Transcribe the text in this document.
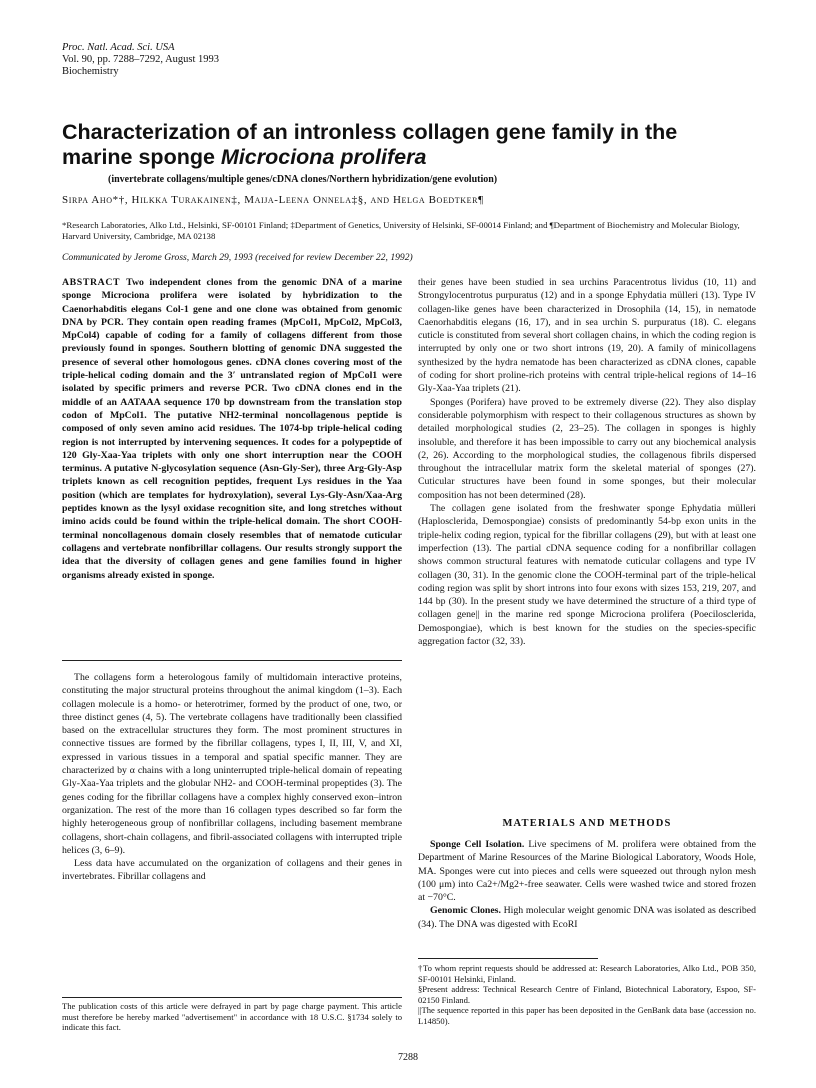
Proc. Natl. Acad. Sci. USA
Vol. 90, pp. 7288–7292, August 1993
Biochemistry
Characterization of an intronless collagen gene family in the
marine sponge Microciona prolifera
(invertebrate collagens/multiple genes/cDNA clones/Northern hybridization/gene evolution)
Sirpa Aho*†, Hilkka Turakainen‡, Maija-Leena Onnela‡§, and Helga Boedtker¶
*Research Laboratories, Alko Ltd., Helsinki, SF-00101 Finland; ‡Department of Genetics, University of Helsinki, SF-00014 Finland; and ¶Department of Biochemistry and Molecular Biology, Harvard University, Cambridge, MA 02138
Communicated by Jerome Gross, March 29, 1993 (received for review December 22, 1992)
ABSTRACT Two independent clones from the genomic DNA of a marine sponge Microciona prolifera were isolated by hybridization to the Caenorhabditis elegans Col-1 gene and one clone was obtained from genomic DNA by PCR. They contain open reading frames (MpCol1, MpCol2, MpCol3, MpCol4) capable of coding for a family of collagens different from those previously found in sponges. Southern blotting of genomic DNA suggested the presence of several other homologous genes. cDNA clones covering most of the triple-helical coding domain and the 3′ untranslated region of MpCol1 were isolated by specific primers and reverse PCR. Two cDNA clones end in the middle of an AATAAA sequence 170 bp downstream from the translation stop codon of MpCol1. The putative NH2-terminal noncollagenous peptide is composed of only seven amino acid residues. The 1074-bp triple-helical coding region is not interrupted by intervening sequences. It codes for a polypeptide of 120 Gly-Xaa-Yaa triplets with only one short interruption near the COOH terminus. A putative N-glycosylation sequence (Asn-Gly-Ser), three Arg-Gly-Asp triplets known as cell recognition peptides, frequent Lys residues in the Yaa position (which are templates for hydroxylation), several Lys-Gly-Asn/Xaa-Arg peptides known as the lysyl oxidase recognition site, and long stretches without imino acids could be found within the triple-helical domain. The short COOH-terminal noncollagenous domain closely resembles that of nematode cuticular collagens and vertebrate nonfibrillar collagens. Our results strongly support the idea that the diversity of collagen genes and gene families found in higher organisms already existed in sponge.

The collagens form a heterologous family of multidomain interactive proteins, constituting the major structural proteins throughout the animal kingdom (1–3). Each collagen molecule is a homo- or heterotrimer, formed by the product of one, two, or three distinct genes (4, 5). The vertebrate collagens have traditionally been classified based on the extracellular structures they form. The most prominent structures in connective tissues are formed by the fibrillar collagens, types I, II, III, V, and XI, expressed in various tissues in a temporal and spatial specific manner. They are characterized by α chains with a long uninterrupted triple-helical domain of repeating Gly-Xaa-Yaa triplets and the globular NH2- and COOH-terminal propeptides (3). The genes coding for the fibrillar collagens have a complex highly conserved exon–intron organization. The rest of the more than 16 collagen types described so far form the highly heterogeneous group of nonfibrillar collagens, including basement membrane collagens, short-chain collagens, and fibril-associated collagens with interrupted triple helices (3, 6–9).

Less data have accumulated on the organization of collagens and their genes in invertebrates. Fibrillar collagens and

The publication costs of this article were defrayed in part by page charge payment. This article must therefore be hereby marked "advertisement" in accordance with 18 U.S.C. §1734 solely to indicate this fact.

their genes have been studied in sea urchins Paracentrotus lividus (10, 11) and Strongylocentrotus purpuratus (12) and in a sponge Ephydatia mülleri (13). Type IV collagen-like genes have been characterized in Drosophila (14, 15), in nematode Caenorhabditis elegans (16, 17), and in sea urchin S. purpuratus (18). C. elegans cuticle is constituted from several short collagen chains, in which the coding region is interrupted by only one or two short introns (19, 20). A family of minicollagens synthesized by the hydra nematode has been characterized as cDNA clones, capable of coding for short proline-rich proteins with central triple-helical regions of 14–16 Gly-Xaa-Yaa triplets (21).

Sponges (Porifera) have proved to be extremely diverse (22). They also display considerable polymorphism with respect to their collagenous structures as shown by detailed morphological studies (2, 23–25). The collagen in sponges is highly insoluble, and therefore it has been impossible to carry out any biochemical analysis (2, 26). According to the morphological studies, the collagenous fibrils dispersed throughout the intracellular matrix form the skeletal material of sponges (27). Cuticular structures have been found in some sponges, but their molecular composition has not been determined (28).

The collagen gene isolated from the freshwater sponge Ephydatia mülleri (Haplosclerida, Demospongiae) consists of predominantly 54-bp exon units in the triple-helix coding region, typical for the fibrillar collagens (29), but with at least one imperfection (13). The partial cDNA sequence coding for a nonfibrillar collagen shows common structural features with nematode cuticular collagens and type IV collagen (30, 31). In the genomic clone the COOH-terminal part of the triple-helical coding region was split by short introns into four exons with sizes 153, 219, 207, and 144 bp (30). In the present study we have determined the structure of a third type of collagen gene|| in the marine red sponge Microciona prolifera (Poecilosclerida, Demospongiae), which is best known for the studies on the species-specific aggregation factor (32, 33).

MATERIALS AND METHODS

Sponge Cell Isolation. Live specimens of M. prolifera were obtained from the Department of Marine Resources of the Marine Biological Laboratory, Woods Hole, MA. Sponges were cut into pieces and cells were squeezed out through nylon mesh (100 μm) into Ca2+/Mg2+-free seawater. Cells were washed twice and stored frozen at −70°C.

Genomic Clones. High molecular weight genomic DNA was isolated as described (34). The DNA was digested with EcoRI

†To whom reprint requests should be addressed at: Research Laboratories, Alko Ltd., POB 350, SF-00101 Helsinki, Finland.

§Present address: Technical Research Centre of Finland, Biotechnical Laboratory, Espoo, SF-02150 Finland.

||The sequence reported in this paper has been deposited in the GenBank data base (accession no. L14850).

7288
